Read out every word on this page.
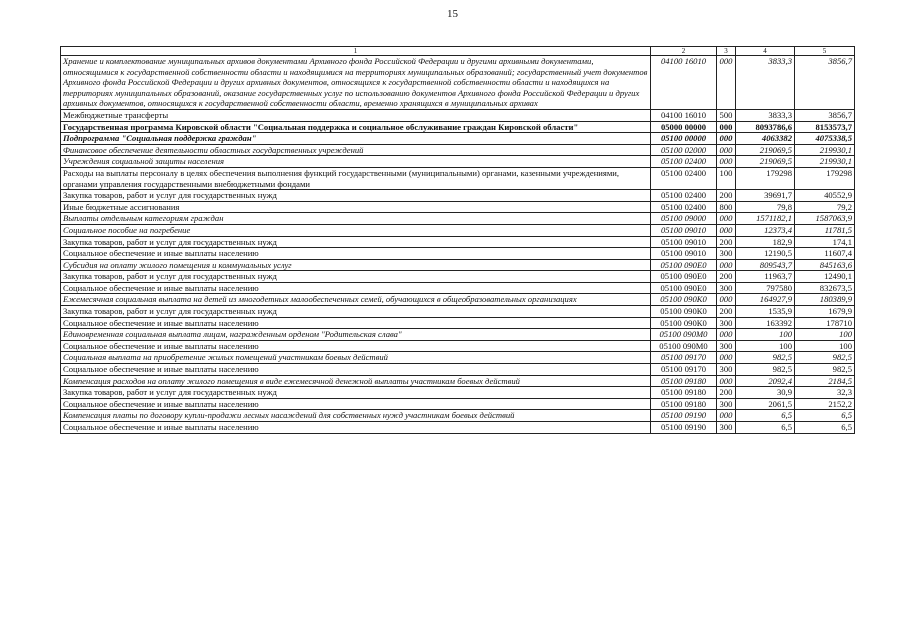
15
1	2	3	4	5
Хранение и комплектование муниципальных архивов документами Архивного фонда Российской Федерации и другими архивными документами, относящимися к государственной собственности области и находящимися на территориях муниципальных образований; государственный учет документов Архивного фонда Российской Федерации и других архивных документов, относящихся к государственной собственности области и находящихся на территориях муниципальных образований, оказание государственных услуг по использованию документов Архивного фонда Российской Федерации и других архивных документов, относящихся к государственной собственности области, временно хранящихся в муниципальных архивах	04100 16010	000	3833,3	3856,7
Межбюджетные трансферты	04100 16010	500	3833,3	3856,7
Государственная программа Кировской области "Социальная поддержка и социальное обслуживание граждан Кировской области"	05000 00000	000	8093786,6	8153573,7
Подпрограмма "Социальная поддержка граждан"	05100 00000	000	4063382	4075338,5
Финансовое обеспечение деятельности областных государственных учреждений	05100 02000	000	219069,5	219930,1
Учреждения социальной защиты населения	05100 02400	000	219069,5	219930,1
Расходы на выплаты персоналу в целях обеспечения выполнения функций государственными (муниципальными) органами, казенными учреждениями, органами управления государственными внебюджетными фондами	05100 02400	100	179298	179298
Закупка товаров, работ и услуг для государственных нужд	05100 02400	200	39691,7	40552,9
Иные бюджетные ассигнования	05100 02400	800	79,8	79,2
Выплаты отдельным категориям граждан	05100 09000	000	1571182,1	1587063,9
Социальное пособие на погребение	05100 09010	000	12373,4	11781,5
Закупка товаров, работ и услуг для государственных нужд	05100 09010	200	182,9	174,1
Социальное обеспечение и иные выплаты населению	05100 09010	300	12190,5	11607,4
Субсидия на оплату жилого помещения и коммунальных услуг	05100 090Е0	000	809543,7	845163,6
Закупка товаров, работ и услуг для государственных нужд	05100 090Е0	200	11963,7	12490,1
Социальное обеспечение и иные выплаты населению	05100 090Е0	300	797580	832673,5
Ежемесячная социальная выплата на детей из многодетных малообеспеченных семей, обучающихся в общеобразовательных организациях	05100 090К0	000	164927,9	180389,9
Закупка товаров, работ и услуг для государственных нужд	05100 090К0	200	1535,9	1679,9
Социальное обеспечение и иные выплаты населению	05100 090К0	300	163392	178710
Единовременная социальная выплата лицам, награжденным орденом "Родительская слава"	05100 090М0	000	100	100
Социальное обеспечение и иные выплаты населению	05100 090М0	300	100	100
Социальная выплата на приобретение жилых помещений участникам боевых действий	05100 09170	000	982,5	982,5
Социальное обеспечение и иные выплаты населению	05100 09170	300	982,5	982,5
Компенсация расходов на оплату жилого помещения в виде ежемесячной денежной выплаты участникам боевых действий	05100 09180	000	2092,4	2184,5
Закупка товаров, работ и услуг для государственных нужд	05100 09180	200	30,9	32,3
Социальное обеспечение и иные выплаты населению	05100 09180	300	2061,5	2152,2
Компенсация платы по договору купли-продажи лесных насаждений для собственных нужд участникам боевых действий	05100 09190	000	6,5	6,5
Социальное обеспечение и иные выплаты населению	05100 09190	300	6,5	6,5
